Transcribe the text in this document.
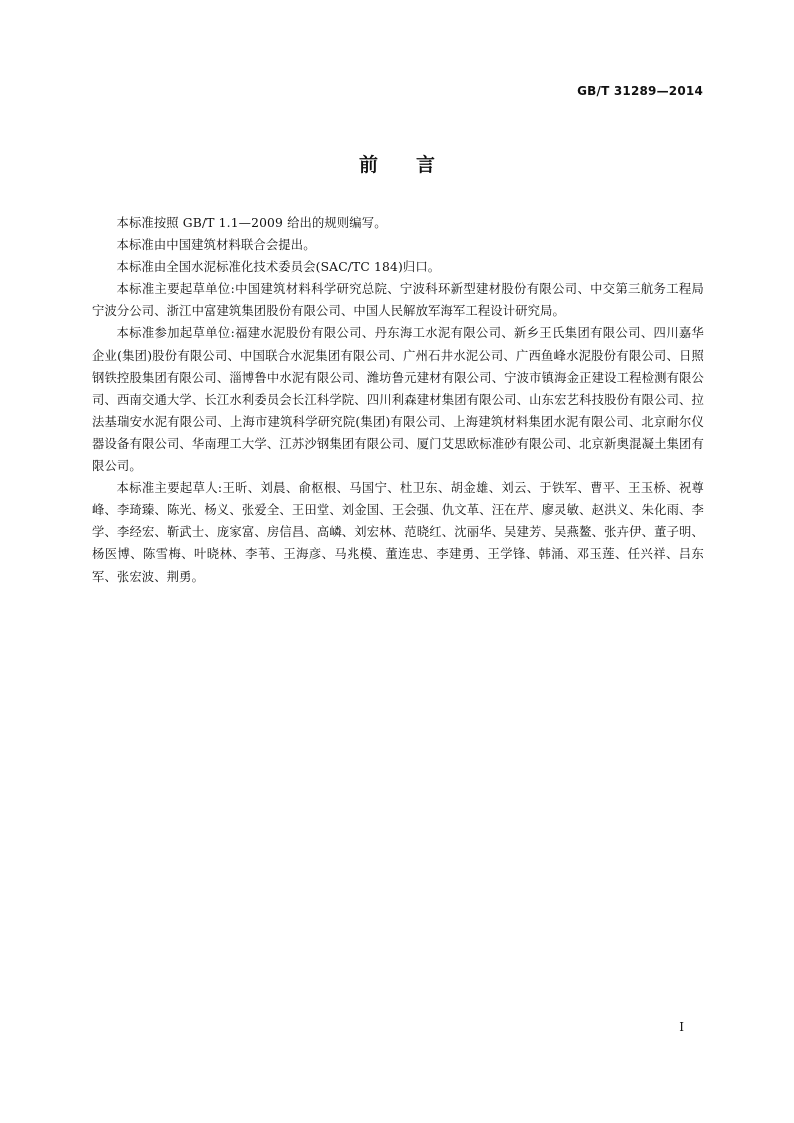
GB/T 31289—2014
前言

本标准按照 GB/T 1.1—2009 给出的规则编写。

本标准由中国建筑材料联合会提出。

本标准由全国水泥标准化技术委员会(SAC/TC 184)归口。

本标准主要起草单位:中国建筑材料科学研究总院、宁波科环新型建材股份有限公司、中交第三航务工程局宁波分公司、浙江中富建筑集团股份有限公司、中国人民解放军海军工程设计研究局。

本标准参加起草单位:福建水泥股份有限公司、丹东海工水泥有限公司、新乡王氏集团有限公司、四川嘉华企业(集团)股份有限公司、中国联合水泥集团有限公司、广州石井水泥公司、广西鱼峰水泥股份有限公司、日照钢铁控股集团有限公司、淄博鲁中水泥有限公司、潍坊鲁元建材有限公司、宁波市镇海金正建设工程检测有限公司、西南交通大学、长江水利委员会长江科学院、四川利森建材集团有限公司、山东宏艺科技股份有限公司、拉法基瑞安水泥有限公司、上海市建筑科学研究院(集团)有限公司、上海建筑材料集团水泥有限公司、北京耐尔仪器设备有限公司、华南理工大学、江苏沙钢集团有限公司、厦门艾思欧标准砂有限公司、北京新奥混凝土集团有限公司。

本标准主要起草人:王昕、刘晨、俞枢根、马国宁、杜卫东、胡金雄、刘云、于铁军、曹平、王玉桥、祝尊峰、李琦臻、陈光、杨义、张爱全、王田堂、刘金国、王会强、仇文革、汪在芹、廖灵敏、赵洪义、朱化雨、李学、李经宏、靳武士、庞家富、房信昌、高嶙、刘宏林、范晓红、沈丽华、吴建芳、吴燕鳌、张卉伊、董子明、杨医博、陈雪梅、叶晓林、李苇、王海彦、马兆模、董连忠、李建勇、王学锋、韩涌、邓玉莲、任兴祥、吕东军、张宏波、荆勇。

I
